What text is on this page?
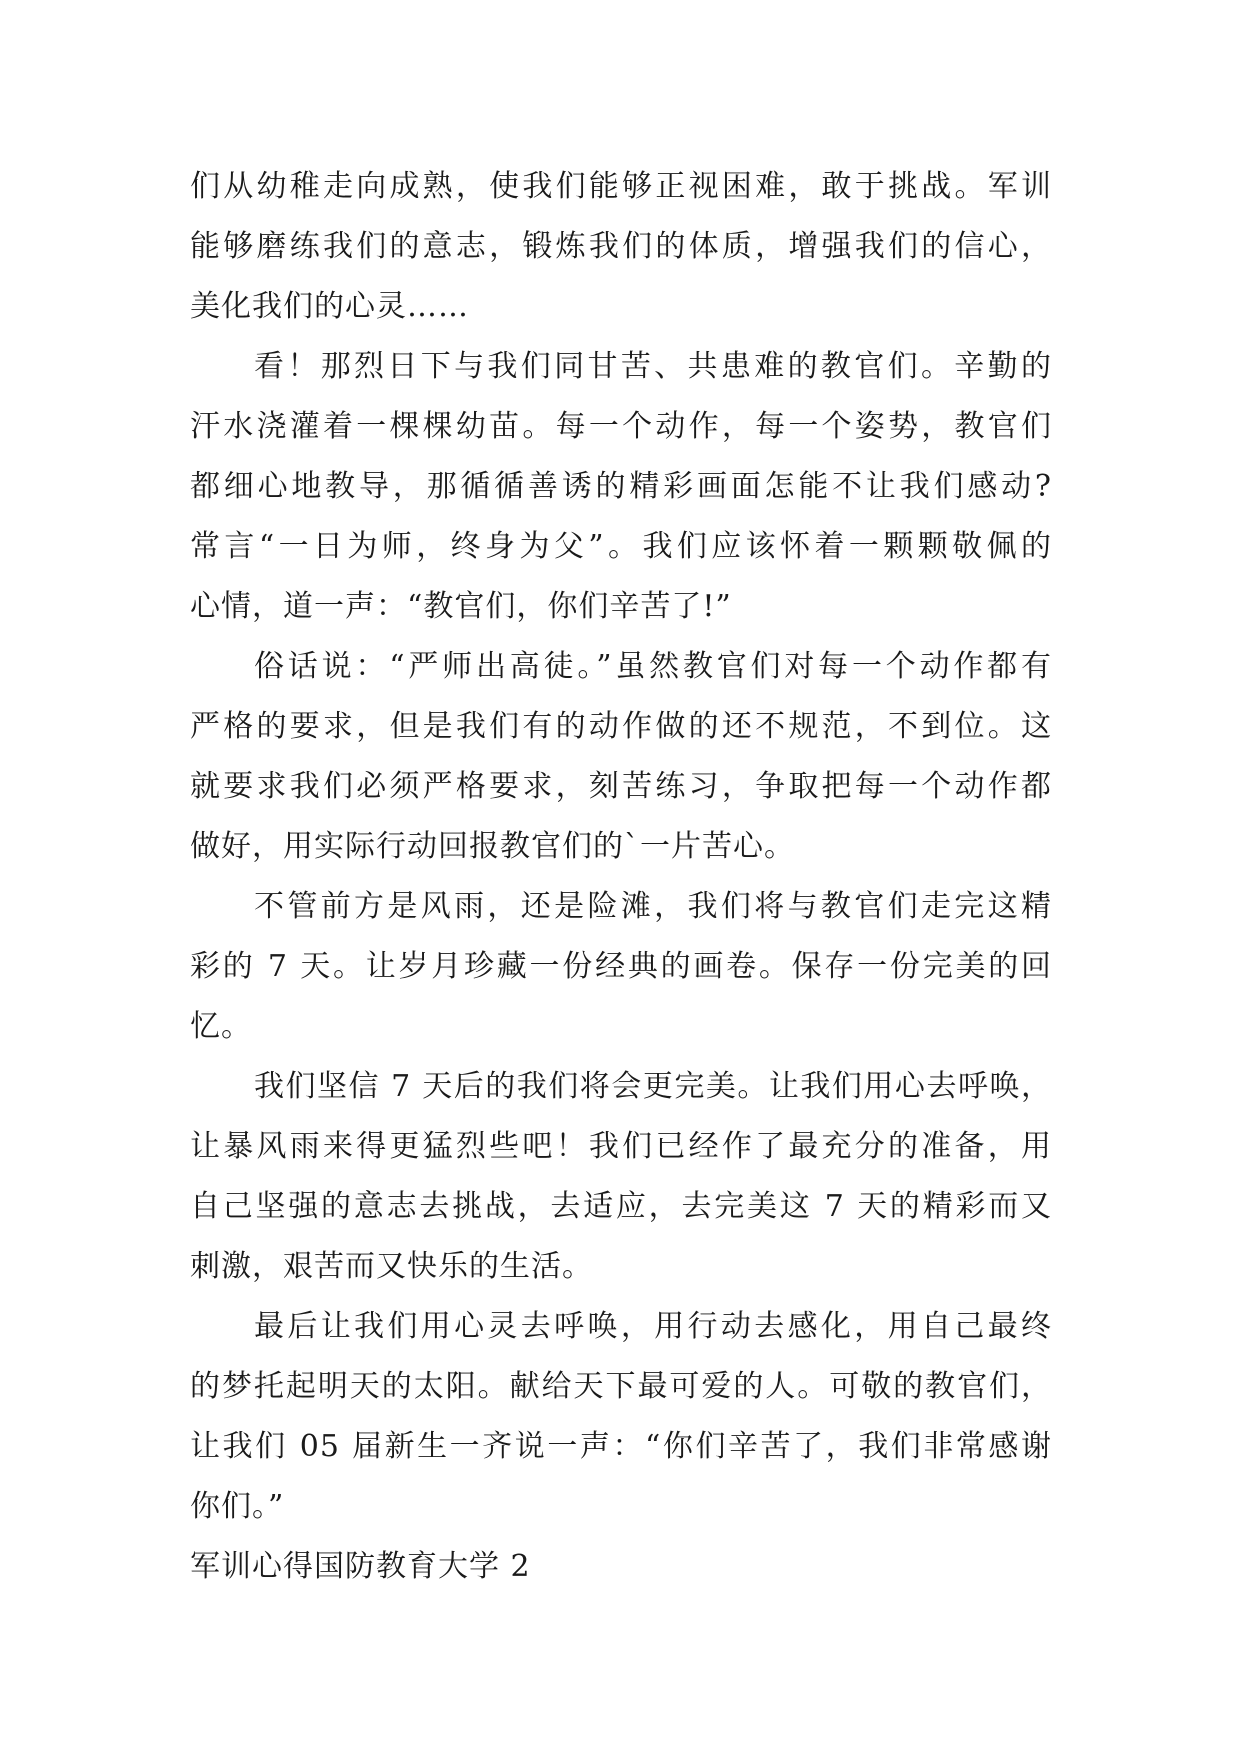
们从幼稚走向成熟，使我们能够正视困难，敢于挑战。军训
能够磨练我们的意志，锻炼我们的体质，增强我们的信心，
美化我们的心灵……
看！那烈日下与我们同甘苦、共患难的教官们。辛勤的
汗水浇灌着一棵棵幼苗。每一个动作，每一个姿势，教官们
都细心地教导，那循循善诱的精彩画面怎能不让我们感动?
常言“一日为师，终身为父”。我们应该怀着一颗颗敬佩的
心情，道一声：“教官们，你们辛苦了!”
俗话说：“严师出高徒。”虽然教官们对每一个动作都有
严格的要求，但是我们有的动作做的还不规范，不到位。这
就要求我们必须严格要求，刻苦练习，争取把每一个动作都
做好，用实际行动回报教官们的`一片苦心。
不管前方是风雨，还是险滩，我们将与教官们走完这精
彩的 7 天。让岁月珍藏一份经典的画卷。保存一份完美的回
忆。
我们坚信 7 天后的我们将会更完美。让我们用心去呼唤，
让暴风雨来得更猛烈些吧！我们已经作了最充分的准备，用
自己坚强的意志去挑战，去适应，去完美这 7 天的精彩而又
刺激，艰苦而又快乐的生活。
最后让我们用心灵去呼唤，用行动去感化，用自己最终
的梦托起明天的太阳。献给天下最可爱的人。可敬的教官们，
让我们 05 届新生一齐说一声：“你们辛苦了，我们非常感谢
你们。”
军训心得国防教育大学 2
